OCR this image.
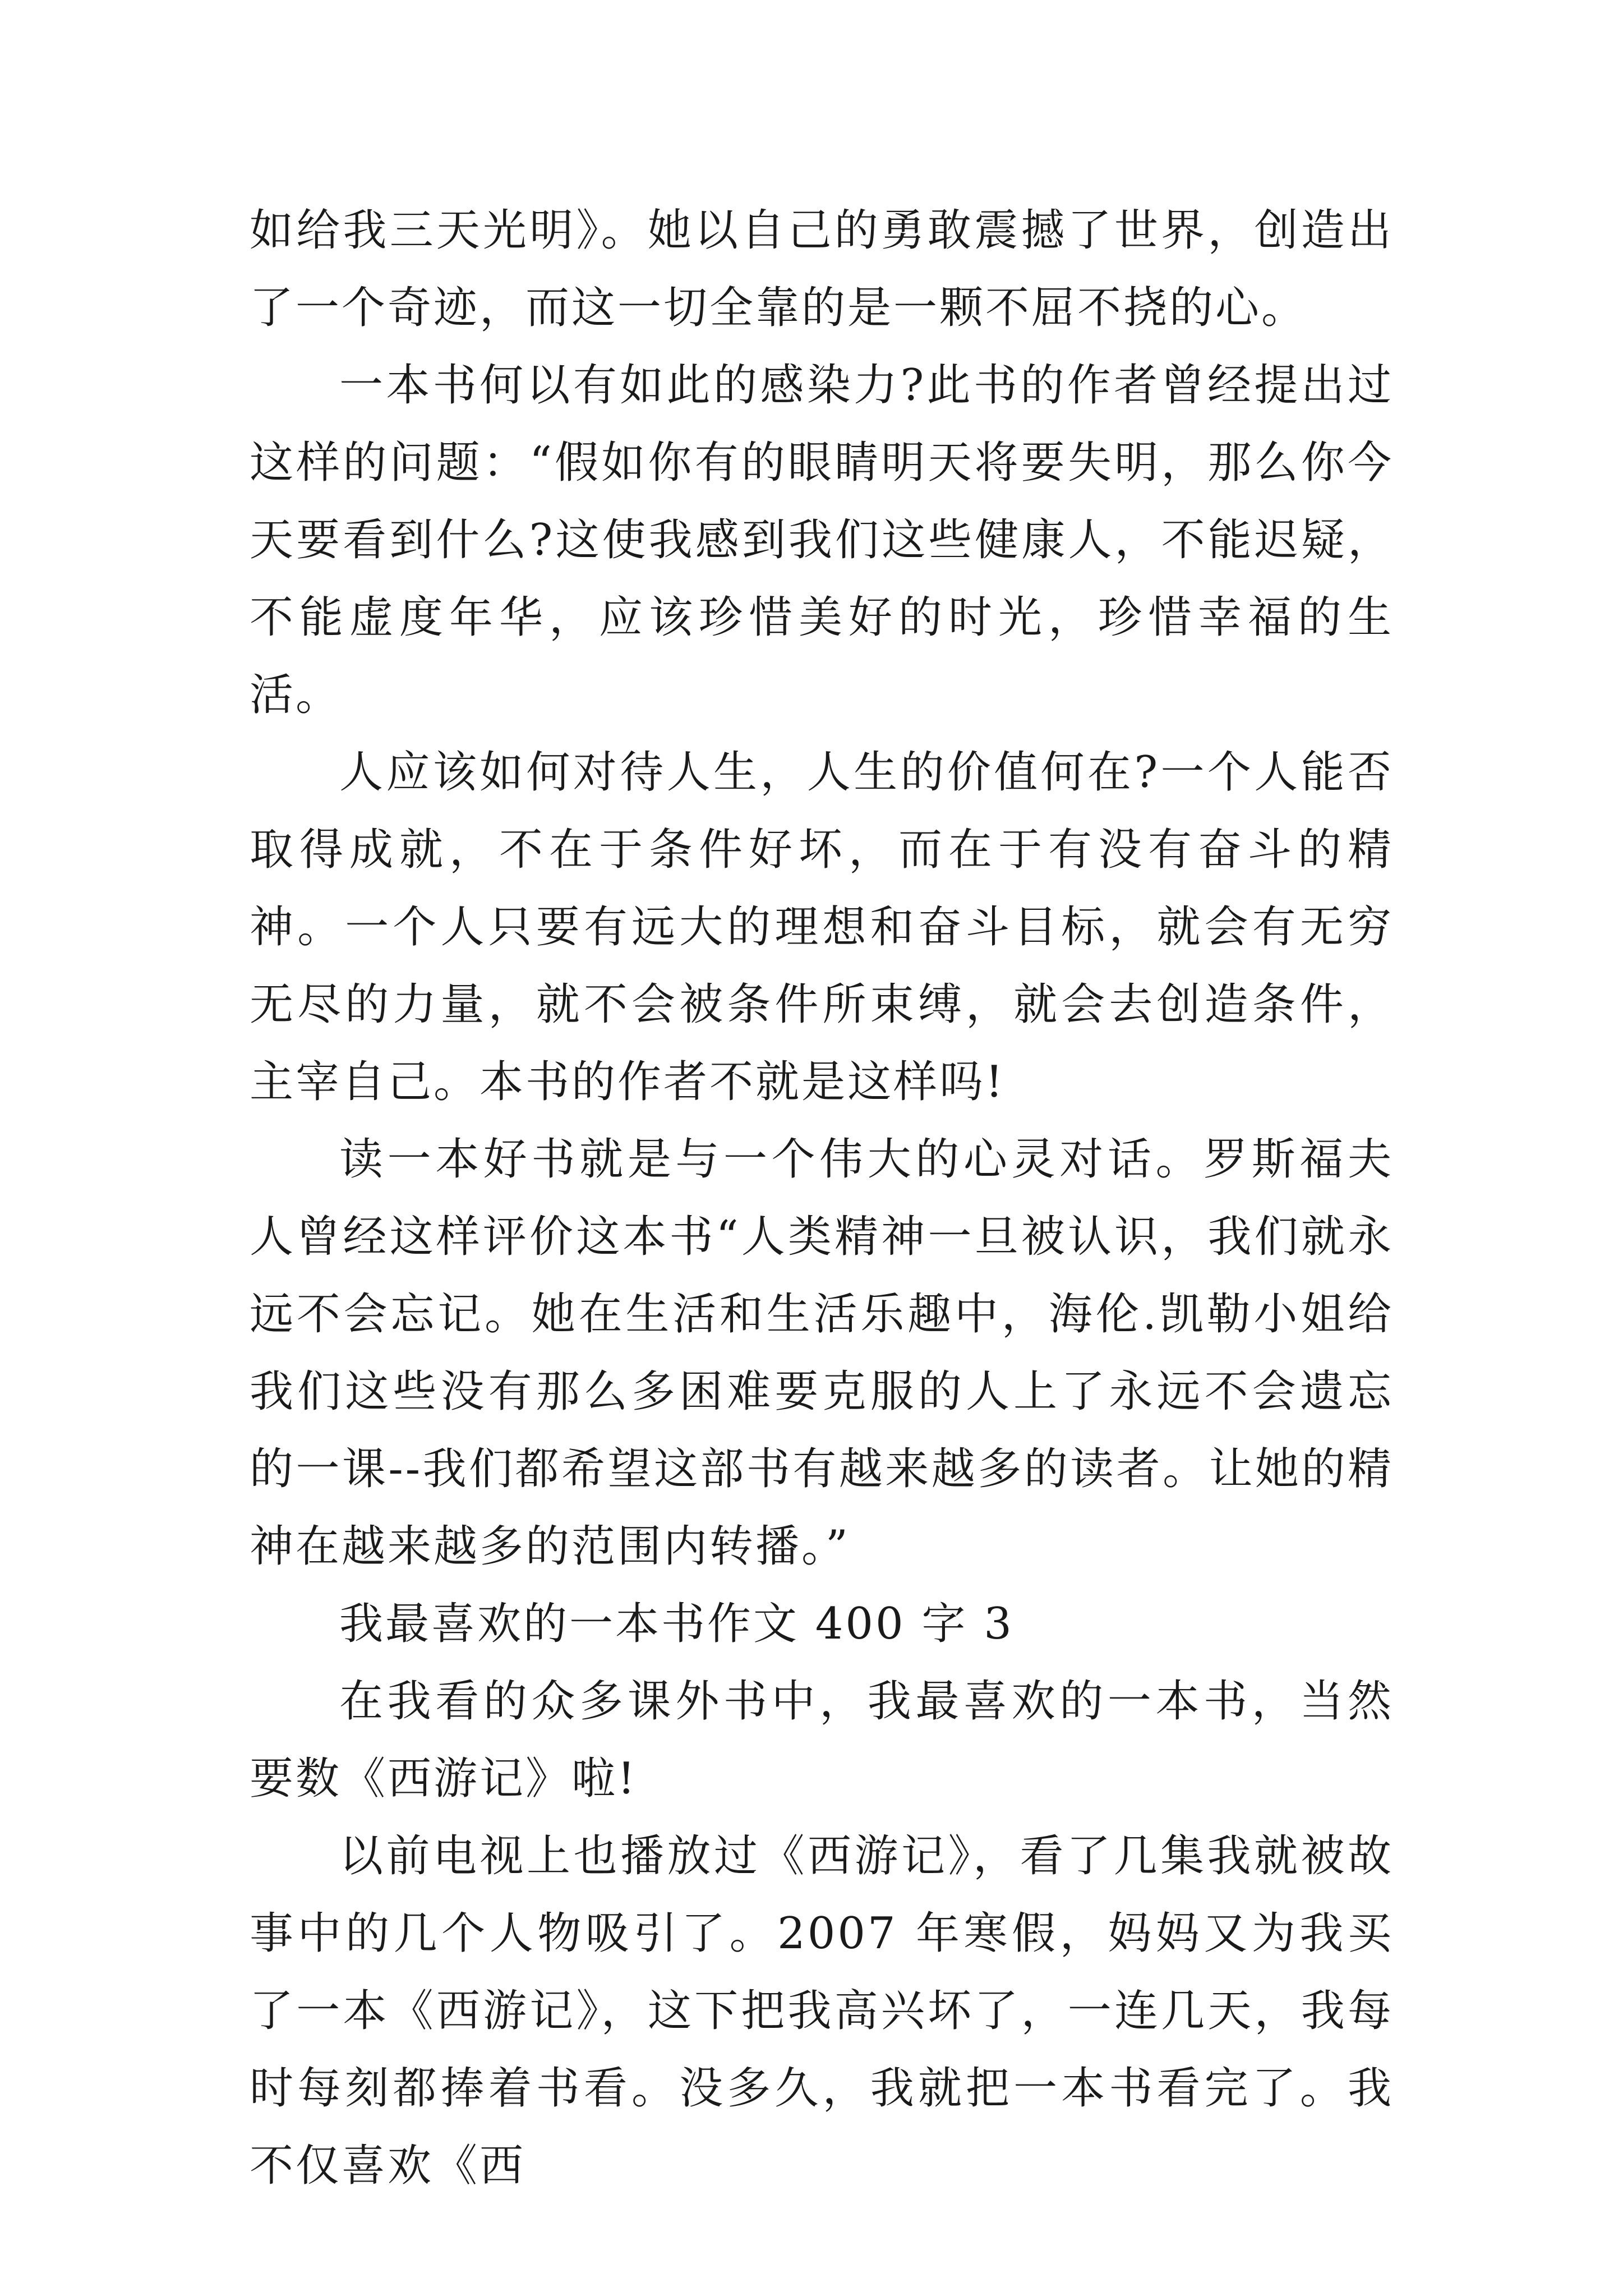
如给我三天光明》。她以自己的勇敢震撼了世界，创造出了一个奇迹，而这一切全靠的是一颗不屈不挠的心。

一本书何以有如此的感染力?此书的作者曾经提出过这样的问题：“假如你有的眼睛明天将要失明，那么你今天要看到什么?这使我感到我们这些健康人，不能迟疑，不能虚度年华，应该珍惜美好的时光，珍惜幸福的生活。

人应该如何对待人生，人生的价值何在?一个人能否取得成就，不在于条件好坏，而在于有没有奋斗的精神。一个人只要有远大的理想和奋斗目标，就会有无穷无尽的力量，就不会被条件所束缚，就会去创造条件，主宰自己。本书的作者不就是这样吗!

读一本好书就是与一个伟大的心灵对话。罗斯福夫人曾经这样评价这本书“人类精神一旦被认识，我们就永远不会忘记。她在生活和生活乐趣中，海伦.凯勒小姐给我们这些没有那么多困难要克服的人上了永远不会遗忘的一课--我们都希望这部书有越来越多的读者。让她的精神在越来越多的范围内转播。”

我最喜欢的一本书作文 400 字 3

在我看的众多课外书中，我最喜欢的一本书，当然要数《西游记》啦!

以前电视上也播放过《西游记》，看了几集我就被故事中的几个人物吸引了。2007 年寒假，妈妈又为我买了一本《西游记》，这下把我高兴坏了，一连几天，我每时每刻都捧着书看。没多久，我就把一本书看完了。我不仅喜欢《西
